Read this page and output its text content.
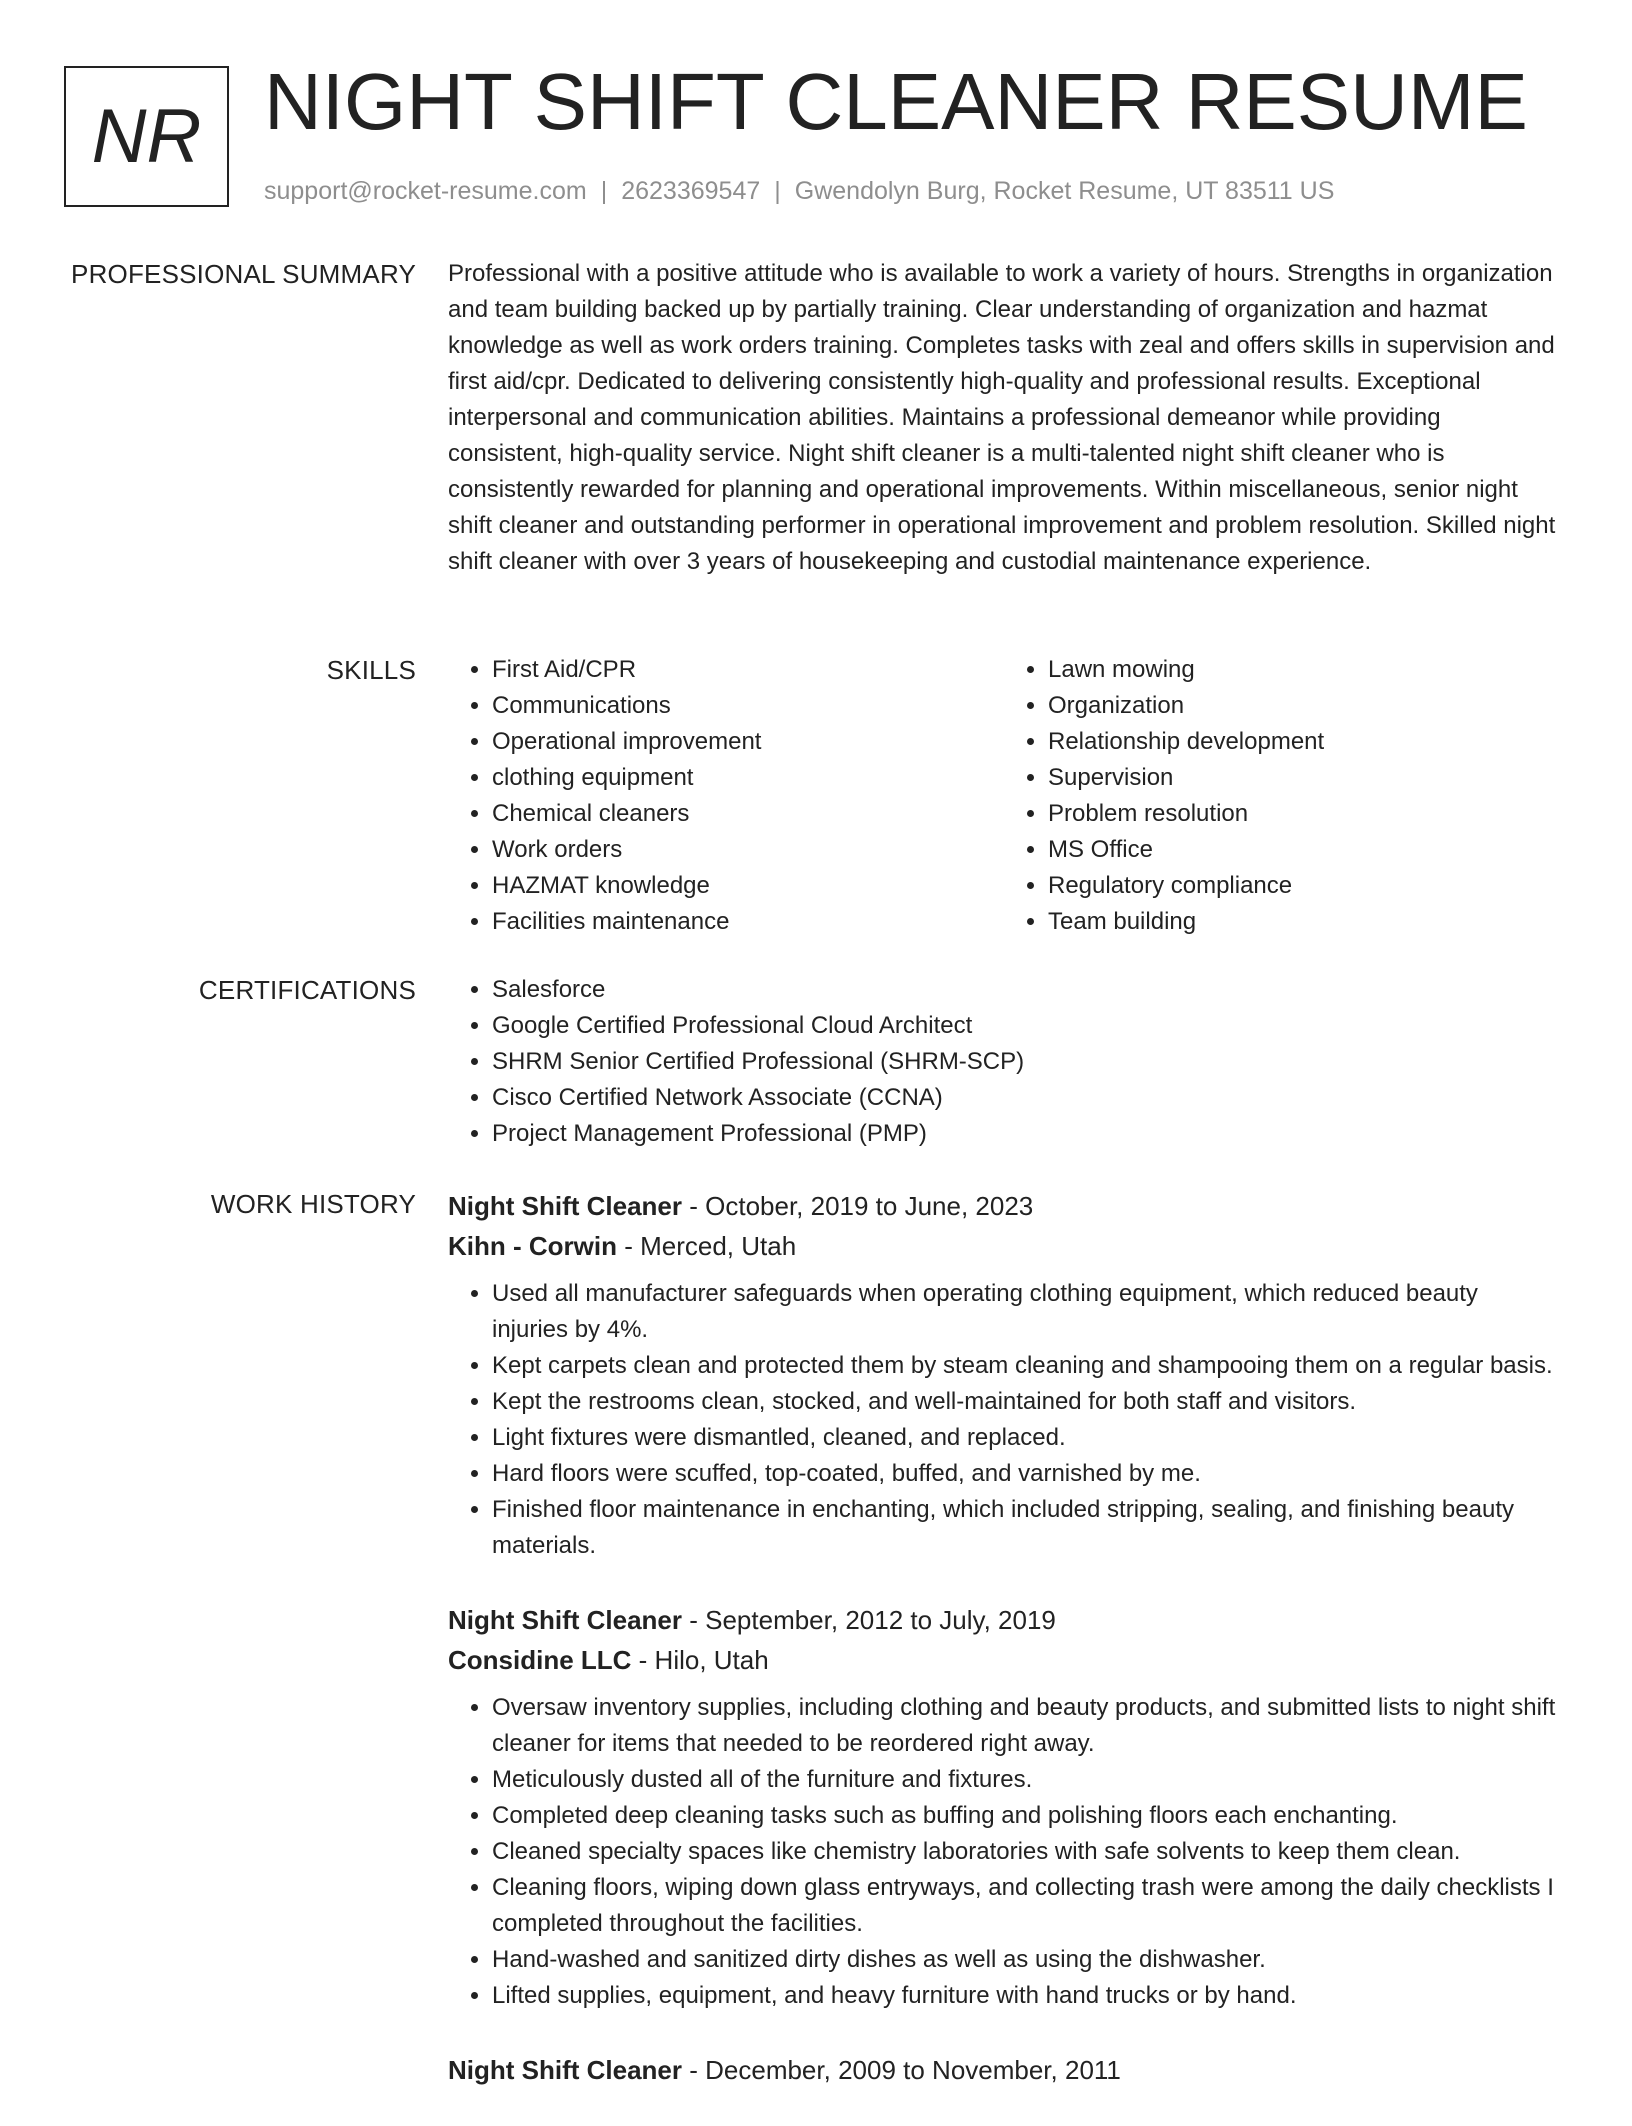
NR NIGHT SHIFT CLEANER RESUME
support@rocket-resume.com | 2623369547 | Gwendolyn Burg, Rocket Resume, UT 83511 US
PROFESSIONAL SUMMARY Professional with a positive attitude who is available to work a variety of hours. Strengths in organization and team building backed up by partially training. Clear understanding of organization and hazmat knowledge as well as work orders training. Completes tasks with zeal and offers skills in supervision and first aid/cpr. Dedicated to delivering consistently high-quality and professional results. Exceptional interpersonal and communication abilities. Maintains a professional demeanor while providing consistent, high-quality service. Night shift cleaner is a multi-talented night shift cleaner who is consistently rewarded for planning and operational improvements. Within miscellaneous, senior night shift cleaner and outstanding performer in operational improvement and problem resolution. Skilled night shift cleaner with over 3 years of housekeeping and custodial maintenance experience.

SKILLS	• First Aid/CPR
• Communications
• Operational improvement
• clothing equipment
• Chemical cleaners
• Work orders
• HAZMAT knowledge
• Facilities maintenance
• Lawn mowing
• Organization
• Relationship development
• Supervision
• Problem resolution
• MS Office
• Regulatory compliance
• Team building
CERTIFICATIONS	• Salesforce
• Google Certified Professional Cloud Architect
• SHRM Senior Certified Professional (SHRM-SCP)
• Cisco Certified Network Associate (CCNA)
• Project Management Professional (PMP)
WORK HISTORY Night Shift Cleaner - October, 2019 to June, 2023
Kihn - Corwin - Merced, Utah
• Used all manufacturer safeguards when operating clothing equipment, which reduced beauty injuries by 4%.
• Kept carpets clean and protected them by steam cleaning and shampooing them on a regular basis.
• Kept the restrooms clean, stocked, and well-maintained for both staff and visitors.
• Light fixtures were dismantled, cleaned, and replaced.
• Hard floors were scuffed, top-coated, buffed, and varnished by me.
• Finished floor maintenance in enchanting, which included stripping, sealing, and finishing beauty materials.
Night Shift Cleaner - September, 2012 to July, 2019
Considine LLC - Hilo, Utah
• Oversaw inventory supplies, including clothing and beauty products, and submitted lists to night shift cleaner for items that needed to be reordered right away.
• Meticulously dusted all of the furniture and fixtures.
• Completed deep cleaning tasks such as buffing and polishing floors each enchanting.
• Cleaned specialty spaces like chemistry laboratories with safe solvents to keep them clean.
• Cleaning floors, wiping down glass entryways, and collecting trash were among the daily checklists I completed throughout the facilities.
• Hand-washed and sanitized dirty dishes as well as using the dishwasher.
• Lifted supplies, equipment, and heavy furniture with hand trucks or by hand.
Night Shift Cleaner - December, 2009 to November, 2011
